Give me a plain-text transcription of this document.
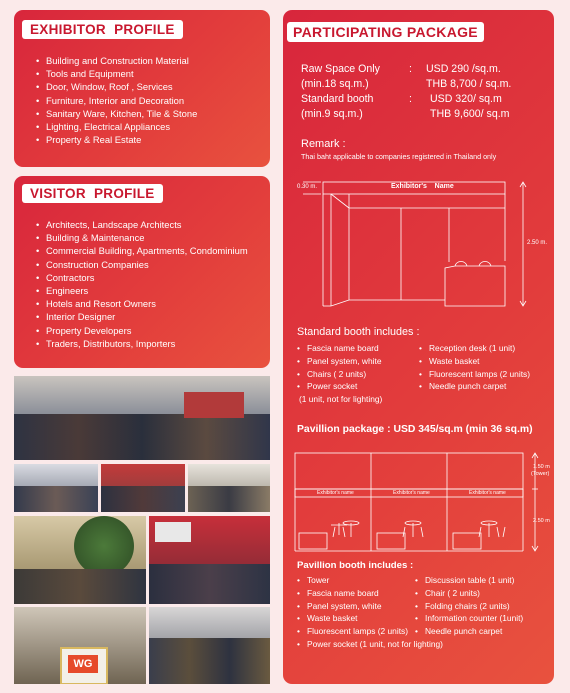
EXHIBITOR  PROFILE
• Building and Construction Material
• Tools and Equipment
• Door, Window, Roof , Services
• Furniture, Interior and Decoration
• Sanitary Ware, Kitchen, Tile & Stone
• Lighting, Electrical Appliances
• Property & Real Estate
VISITOR  PROFILE
• Architects, Landscape Architects
• Building & Maintenance
• Commercial Building, Apartments, Condominium
• Construction Companies
• Contractors
• Engineers
• Hotels and Resort Owners
• Interior Designer
• Property Developers
• Traders, Distributors, Importers
WG
PARTICIPATING PACKAGE
Raw Space Only
(min.18 sq.m.)
: USD 290 /sq.m.
THB 8,700 / sq.m.
Standard booth
(min.9 sq.m.)
: USD 320/ sq.m
THB 9,600/ sq.m
Remark :
Thai baht applicable to companies registered in Thailand only
Exhibitor's    Name
0.30 m.
2.50 m.
Standard booth includes :
• Fascia name board
• Panel system, white
• Chairs ( 2 units)
• Power socket
(1 unit, not for lighting)
• Reception desk (1 unit)
• Waste basket
• Fluorescent lamps (2 units)
• Needle punch carpet
Pavillion package : USD 345/sq.m (min 36 sq.m)
Exhibitor's name	Exhibitor's name	Exhibitor's name
1.50 m
(Tower)
2.50 m
Pavillion booth includes :
• Tower
• Fascia name board
• Panel system, white
• Waste basket
• Fluorescent lamps (2 units)
• Power socket (1 unit, not for lighting)
• Discussion table (1 unit)
• Chair ( 2 units)
• Folding chairs (2 units)
• Information counter (1unit)
• Needle punch carpet
